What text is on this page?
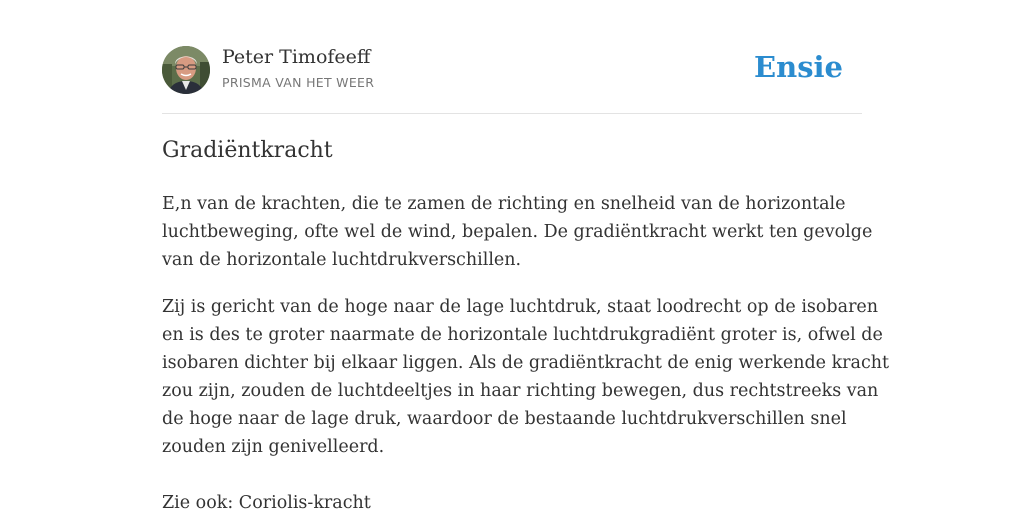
Peter Timofeeff
PRISMA VAN HET WEER	Ensie
Gradiëntkracht

E,n van de krachten, die te zamen de richting en snelheid van de horizontale
luchtbeweging, ofte wel de wind, bepalen. De gradiëntkracht werkt ten gevolge
van de horizontale luchtdrukverschillen.

Zij is gericht van de hoge naar de lage luchtdruk, staat loodrecht op de isobaren
en is des te groter naarmate de horizontale luchtdrukgradiënt groter is, ofwel de
isobaren dichter bij elkaar liggen. Als de gradiëntkracht de enig werkende kracht
zou zijn, zouden de luchtdeeltjes in haar richting bewegen, dus rechtstreeks van
de hoge naar de lage druk, waardoor de bestaande luchtdrukverschillen snel
zouden zijn genivelleerd.

Zie ook: Coriolis-kracht
